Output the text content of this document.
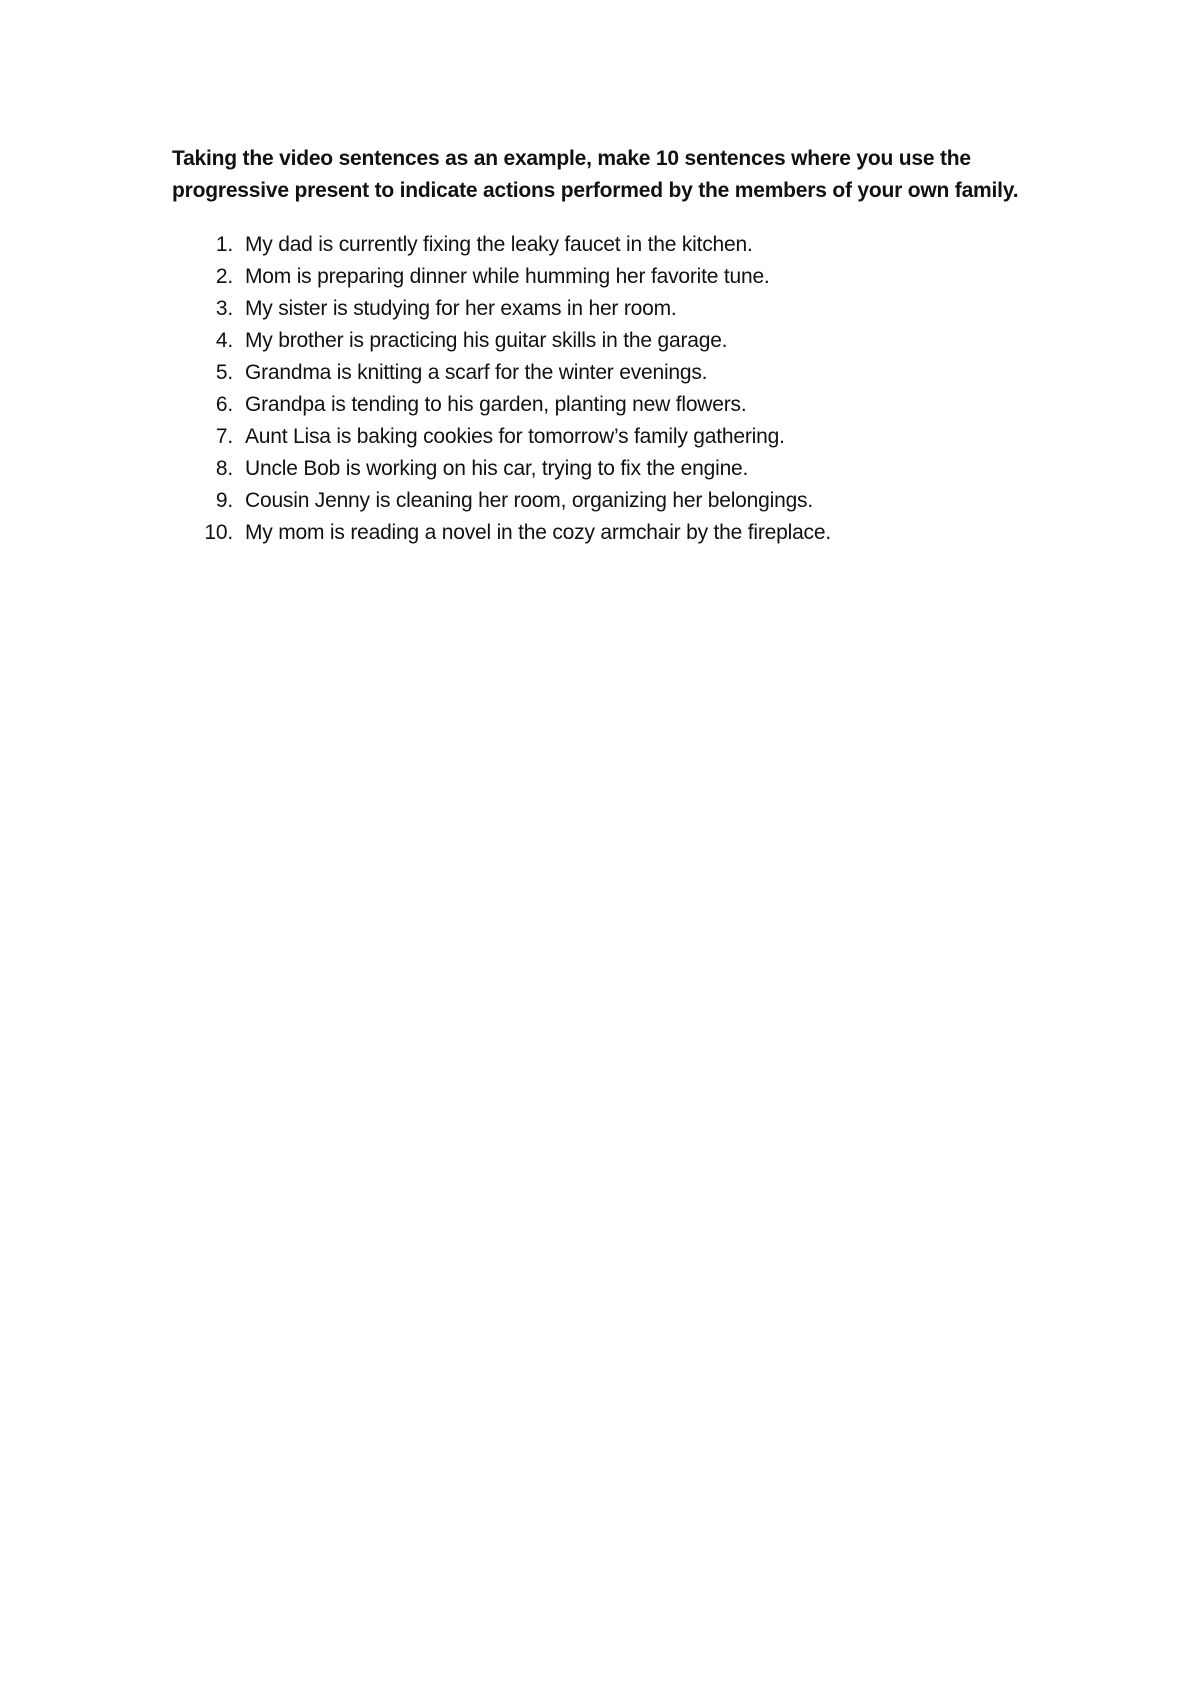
Taking the video sentences as an example, make 10 sentences where you use the progressive present to indicate actions performed by the members of your own family.

1. My dad is currently fixing the leaky faucet in the kitchen.
2. Mom is preparing dinner while humming her favorite tune.
3. My sister is studying for her exams in her room.
4. My brother is practicing his guitar skills in the garage.
5. Grandma is knitting a scarf for the winter evenings.
6. Grandpa is tending to his garden, planting new flowers.
7. Aunt Lisa is baking cookies for tomorrow’s family gathering.
8. Uncle Bob is working on his car, trying to fix the engine.
9. Cousin Jenny is cleaning her room, organizing her belongings.
10. My mom is reading a novel in the cozy armchair by the fireplace.
